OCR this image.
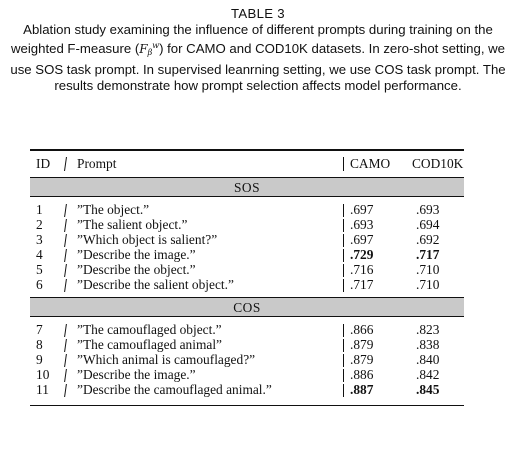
TABLE 3
Ablation study examining the influence of different prompts during training on the weighted F-measure $(F_\beta^w)$ for CAMO and COD10K datasets. In zero-shot setting, we use SOS task prompt. In supervised leanrning setting, we use COS task prompt. The results demonstrate how prompt selection affects model performance.
ID Prompt	CAMO COD10K
SOS
1	”The object.”	.697	.693
2	”The salient object.”	.693	.694
3	”Which object is salient?”	.697	.692
4	”Describe the image.”	.729	.717
5	”Describe the object.”	.716	.710
6	”Describe the salient object.”	.717	.710
COS
7	”The camouflaged object.”	.866	.823
8	”The camouflaged animal”	.879	.838
9	”Which animal is camouflaged?”	.879	.840
10 ”Describe the image.”	.886	.842
11 ”Describe the camouflaged animal.”	.887	.845
